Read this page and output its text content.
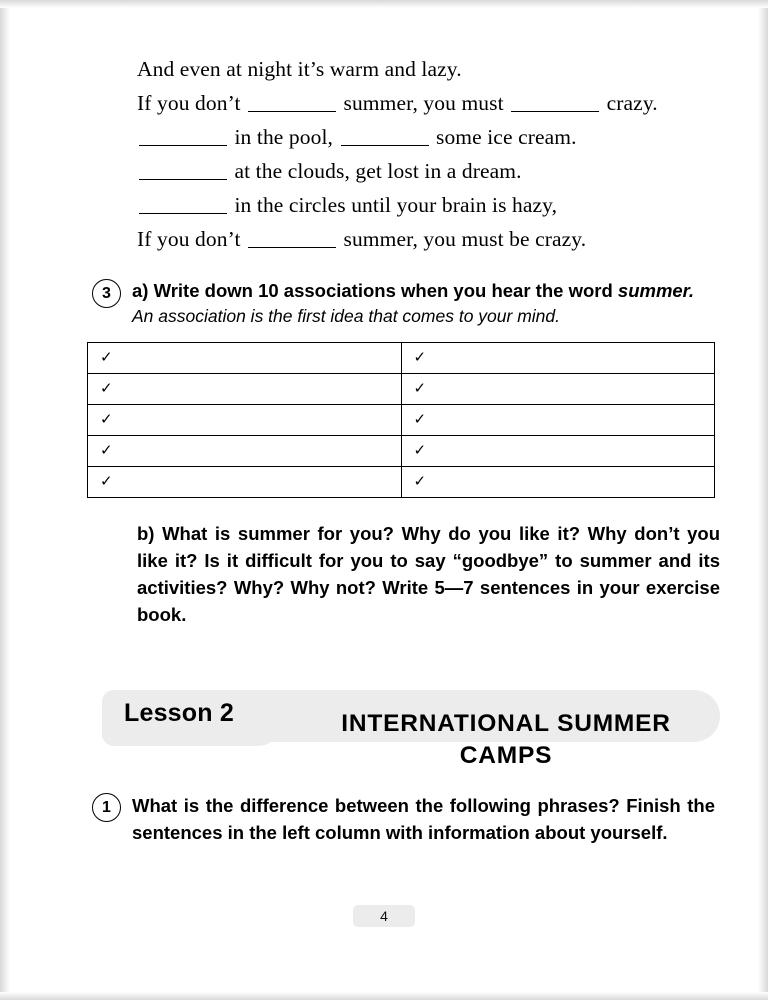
And even at night it’s warm and lazy.
If you don’t	summer, you must	crazy.
in the pool,	some ice cream.
at the clouds, get lost in a dream.
in the circles until your brain is hazy,
If you don’t	summer, you must be crazy.
3	a) Write down 10 associations when you hear the word summer.
An association is the first idea that comes to your mind.
✓	✓
✓	✓
✓	✓
✓	✓
✓	✓
b) What is summer for you? Why do you like it? Why don’t you like it? Is it difficult for you to say “goodbye” to summer and its activities? Why? Why not? Write 5—7 sentences in your exercise book.
Lesson 2	INTERNATIONAL SUMMER CAMPS
1	What is the difference between the following phrases? Finish the sentences in the left column with information about yourself.
4
